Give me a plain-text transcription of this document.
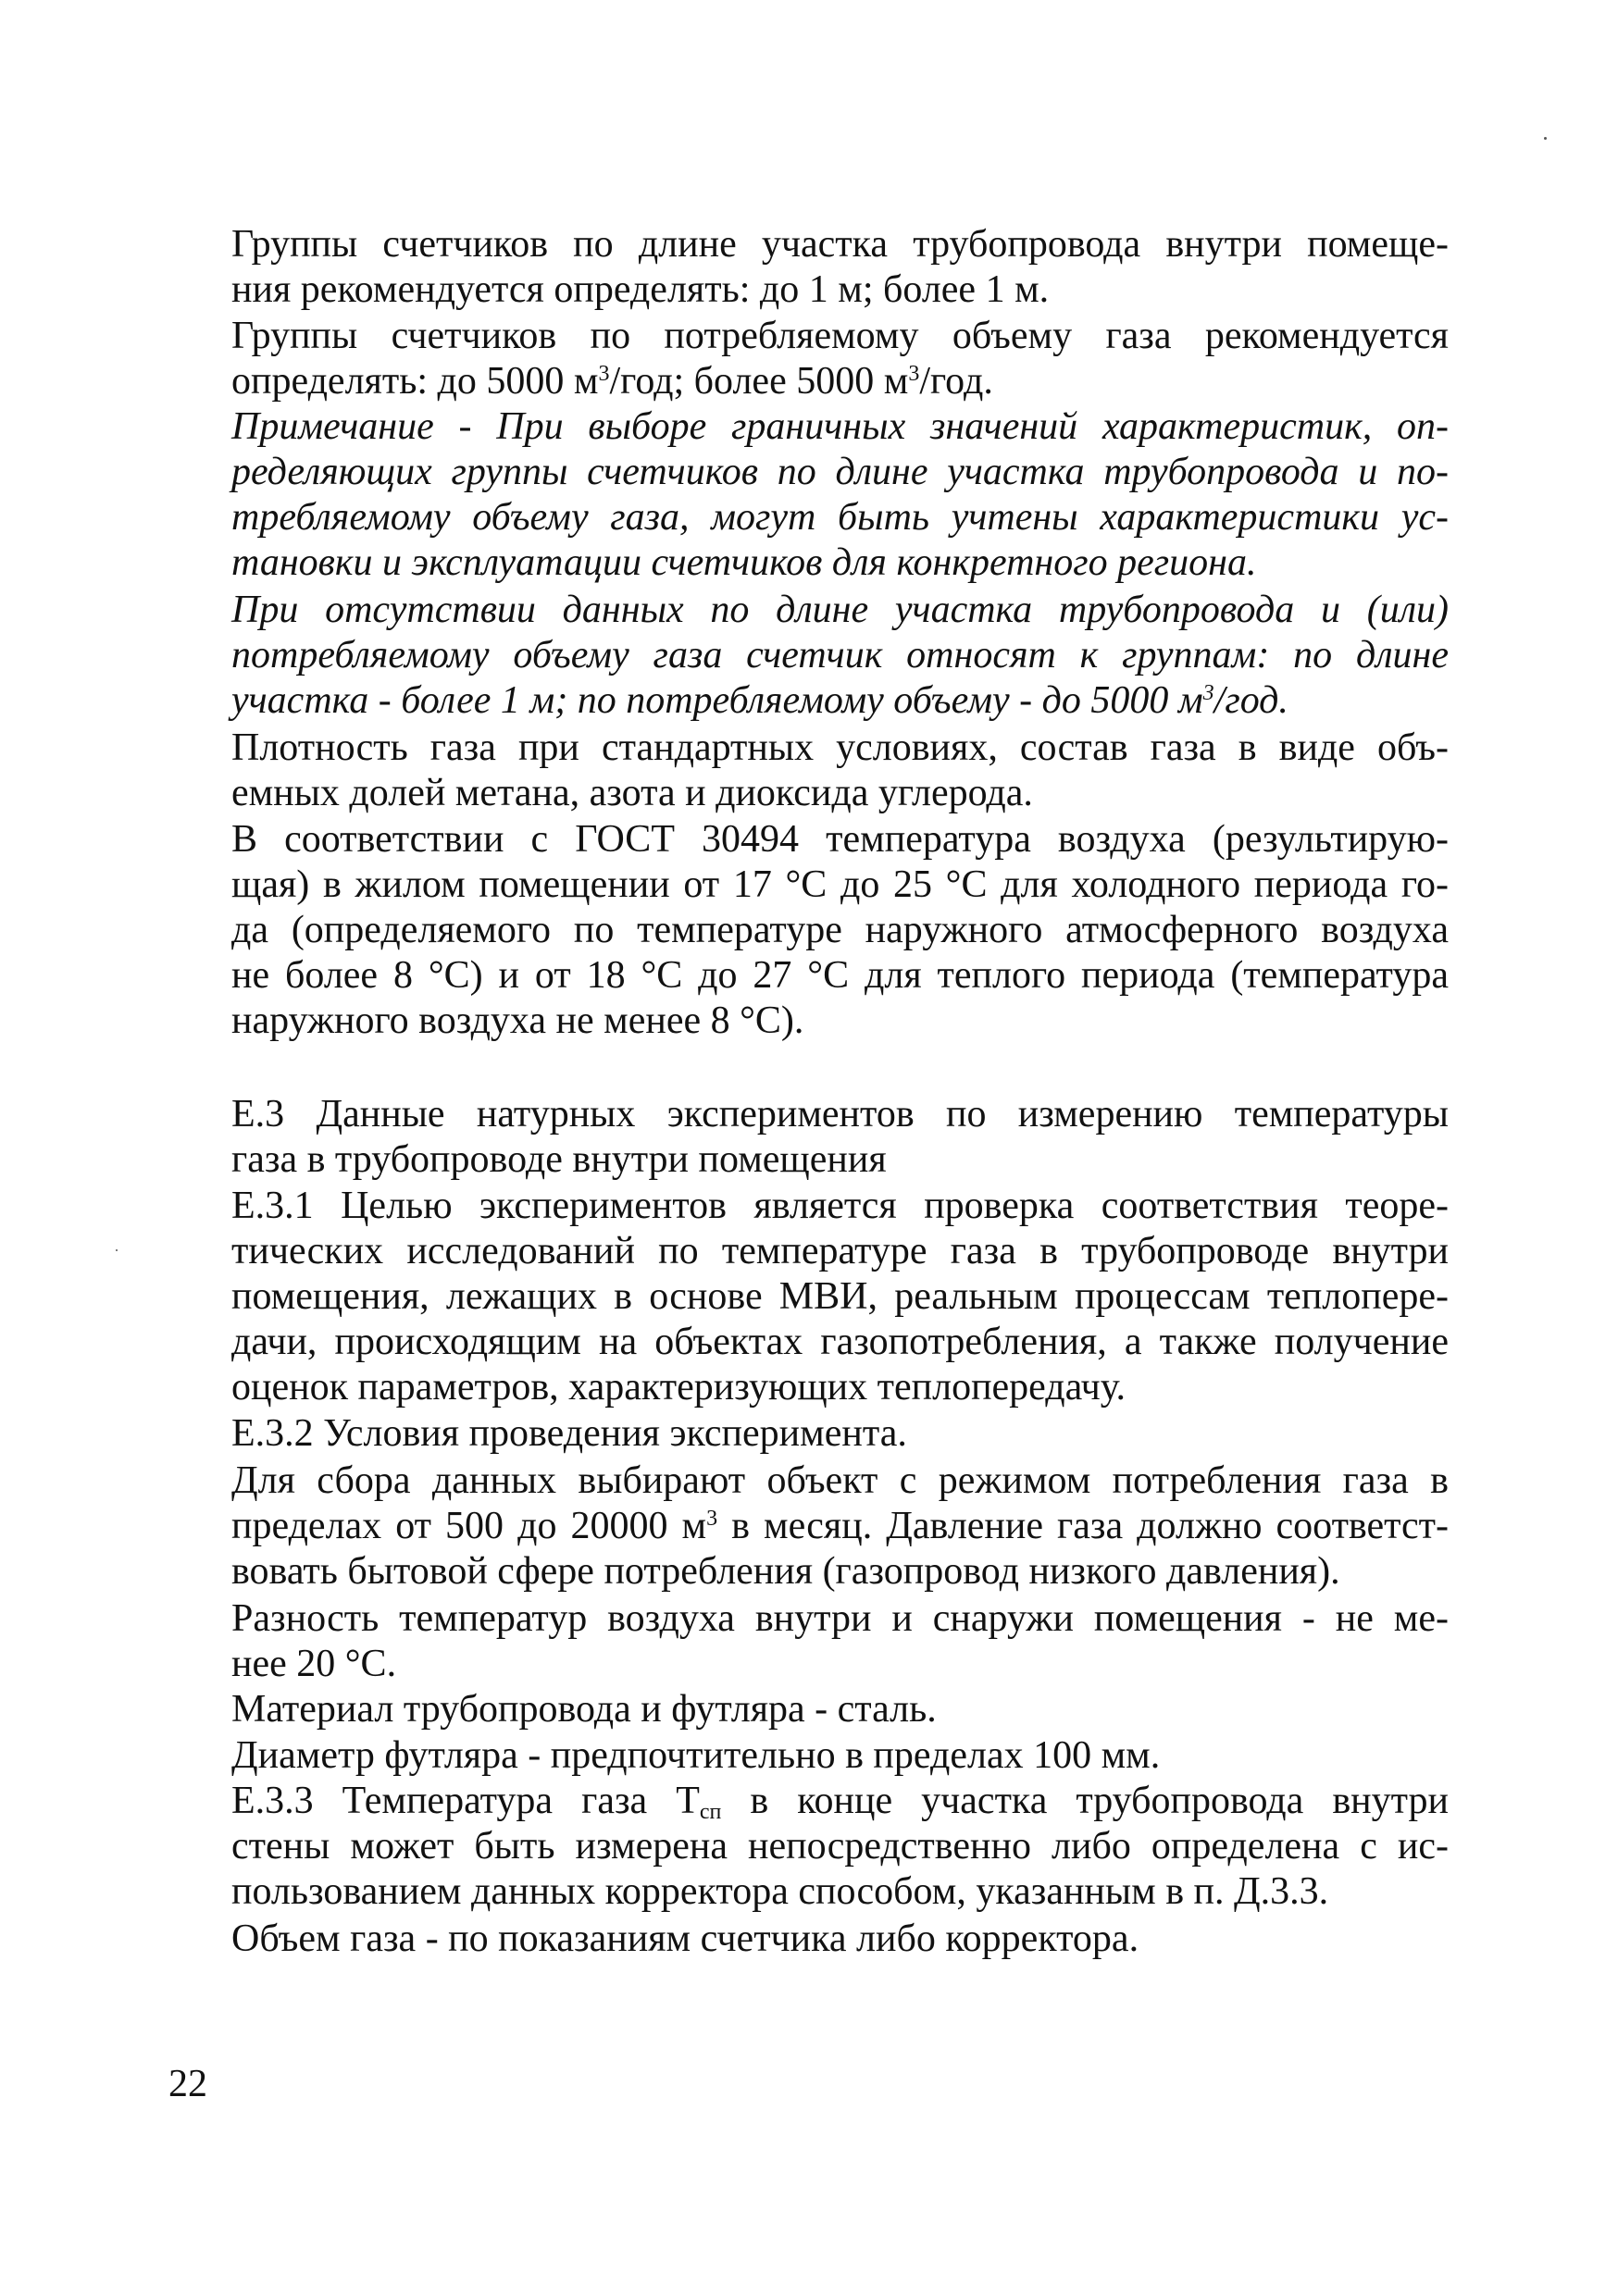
Группы счетчиков по длине участка трубопровода внутри помеще-
ния рекомендуется определять: до 1 м; более 1 м.

Группы счетчиков по потребляемому объему газа рекомендуется
определять: до 5000 $м^3$/год; более 5000 $м^3$/год.

Примечание - При выборе граничных значений характеристик, оп-
ределяющих группы счетчиков по длине участка трубопровода и по-
требляемому объему газа, могут быть учтены характеристики ус-
тановки и эксплуатации счетчиков для конкретного региона.

При отсутствии данных по длине участка трубопровода и (или)
потребляемому объему газа счетчик относят к группам: по длине
участка - более 1 м; по потребляемому объему - до 5000 $м^3$/год.

Плотность газа при стандартных условиях, состав газа в виде объ-
емных долей метана, азота и диоксида углерода.

В соответствии с ГОСТ 30494 температура воздуха (результирую-
щая) в жилом помещении от 17 °С до 25 °С для холодного периода го-
да (определяемого по температуре наружного атмосферного воздуха
не более 8 °С) и от 18 °С до 27 °С для теплого периода (температура
наружного воздуха не менее 8 °С).

Е.3 Данные натурных экспериментов по измерению температуры
газа в трубопроводе внутри помещения

Е.3.1 Целью экспериментов является проверка соответствия теоре-
тических исследований по температуре газа в трубопроводе внутри
помещения, лежащих в основе МВИ, реальным процессам теплопере-
дачи, происходящим на объектах газопотребления, а также получение
оценок параметров, характеризующих теплопередачу.

Е.3.2 Условия проведения эксперимента.

Для сбора данных выбирают объект с режимом потребления газа в
пределах от 500 до 20000 $м^3$ в месяц. Давление газа должно соответст-
вовать бытовой сфере потребления (газопровод низкого давления).

Разность температур воздуха внутри и снаружи помещения - не ме-
нее 20 °С.

Материал трубопровода и футляра - сталь.

Диаметр футляра - предпочтительно в пределах 100 мм.

Е.3.3 Температура газа $Т_{сп}$ в конце участка трубопровода внутри
стены может быть измерена непосредственно либо определена с ис-
пользованием данных корректора способом, указанным в п. Д.3.3.

Объем газа - по показаниям счетчика либо корректора.

22
